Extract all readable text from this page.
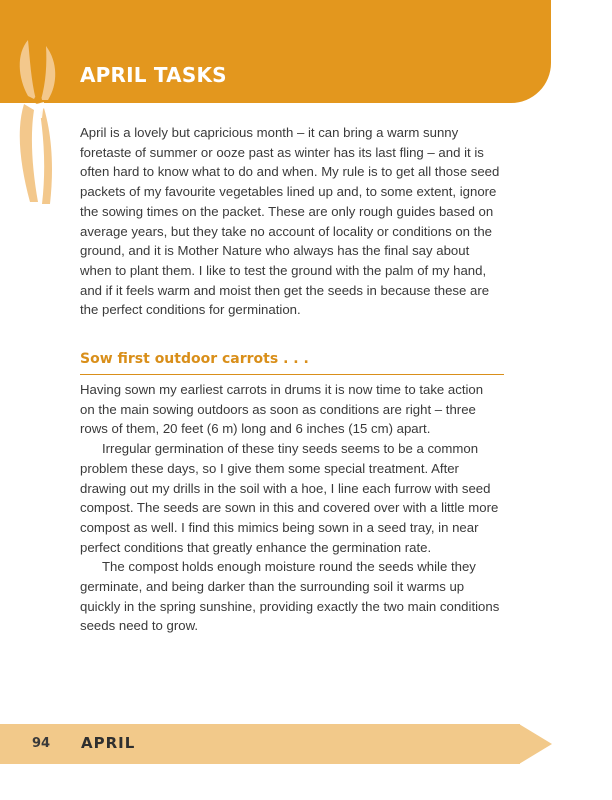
APRIL TASKS

April is a lovely but capricious month – it can bring a warm sunny foretaste of summer or ooze past as winter has its last fling – and it is often hard to know what to do and when. My rule is to get all those seed packets of my favourite vegetables lined up and, to some extent, ignore the sowing times on the packet. These are only rough guides based on average years, but they take no account of locality or conditions on the ground, and it is Mother Nature who always has the final say about when to plant them. I like to test the ground with the palm of my hand, and if it feels warm and moist then get the seeds in because these are the perfect conditions for germination.

Sow first outdoor carrots . . .

Having sown my earliest carrots in drums it is now time to take action on the main sowing outdoors as soon as conditions are right – three rows of them, 20 feet (6 m) long and 6 inches (15 cm) apart.

Irregular germination of these tiny seeds seems to be a common problem these days, so I give them some special treatment. After drawing out my drills in the soil with a hoe, I line each furrow with seed compost. The seeds are sown in this and covered over with a little more compost as well. I find this mimics being sown in a seed tray, in near perfect conditions that greatly enhance the germination rate.

The compost holds enough moisture round the seeds while they germinate, and being darker than the surrounding soil it warms up quickly in the spring sunshine, providing exactly the two main conditions seeds need to grow.

94 APRIL
